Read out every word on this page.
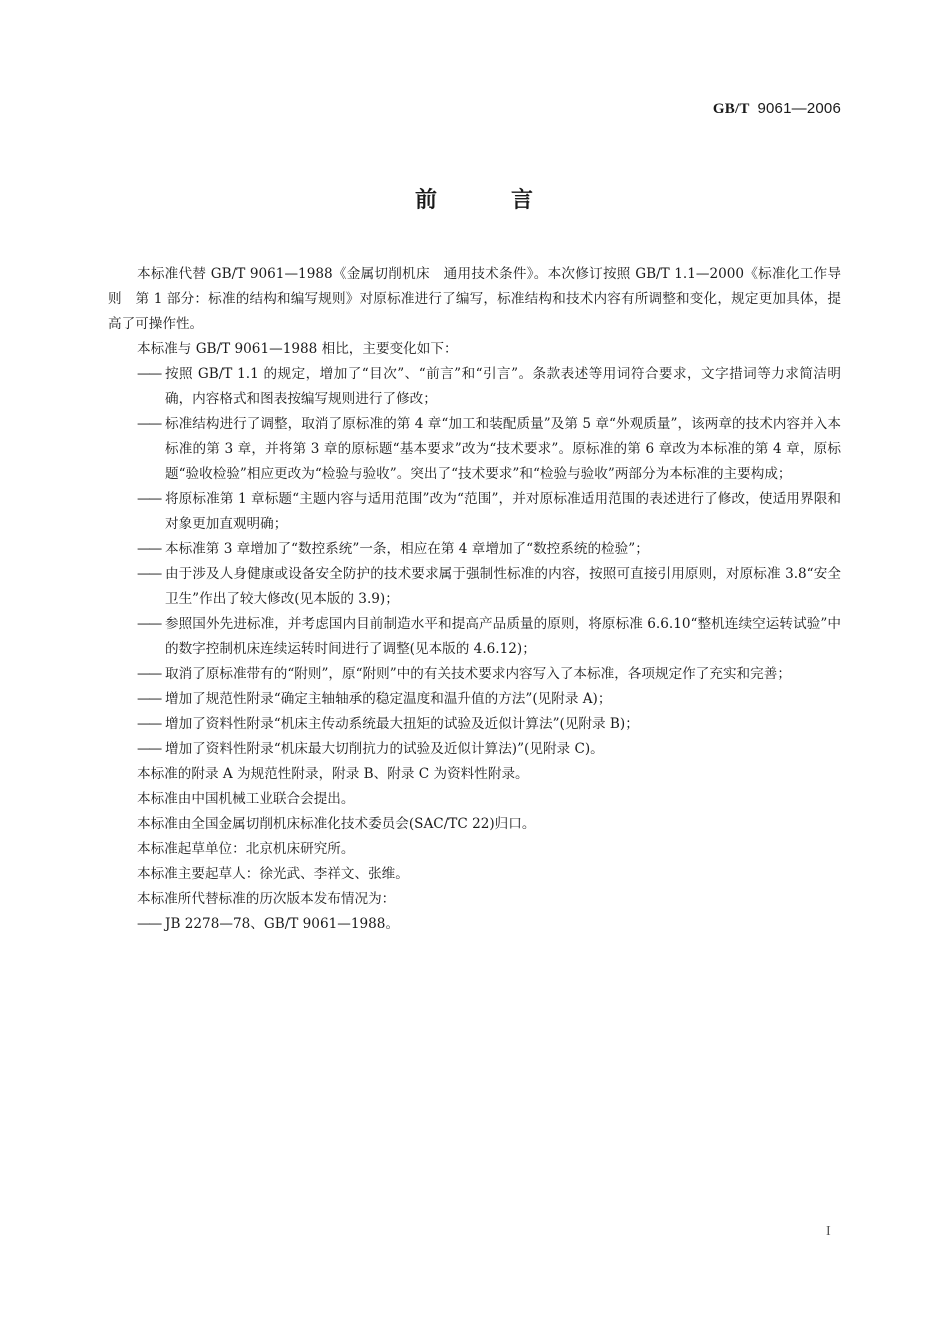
GB/T 9061—2006
前	言

本标准代替 GB/T 9061—1988《金属切削机床　通用技术条件》。本次修订按照 GB/T 1.1—2000《标准化工作导则　第 1 部分：标准的结构和编写规则》对原标准进行了编写，标准结构和技术内容有所调整和变化，规定更加具体，提高了可操作性。

本标准与 GB/T 9061—1988 相比，主要变化如下：

—— 按照 GB/T 1.1 的规定，增加了“目次”、“前言”和“引言”。条款表述等用词符合要求，文字措词等力求简洁明确，内容格式和图表按编写规则进行了修改；

—— 标准结构进行了调整，取消了原标准的第 4 章“加工和装配质量”及第 5 章“外观质量”，该两章的技术内容并入本标准的第 3 章，并将第 3 章的原标题“基本要求”改为“技术要求”。原标准的第 6 章改为本标准的第 4 章，原标题“验收检验”相应更改为“检验与验收”。突出了“技术要求”和“检验与验收”两部分为本标准的主要构成；

—— 将原标准第 1 章标题“主题内容与适用范围”改为“范围”，并对原标准适用范围的表述进行了修改，使适用界限和对象更加直观明确；

—— 本标准第 3 章增加了“数控系统”一条，相应在第 4 章增加了“数控系统的检验”；

—— 由于涉及人身健康或设备安全防护的技术要求属于强制性标准的内容，按照可直接引用原则，对原标准 3.8“安全卫生”作出了较大修改(见本版的 3.9)；

—— 参照国外先进标准，并考虑国内目前制造水平和提高产品质量的原则，将原标准 6.6.10“整机连续空运转试验”中的数字控制机床连续运转时间进行了调整(见本版的 4.6.12)；

—— 取消了原标准带有的“附则”，原“附则”中的有关技术要求内容写入了本标准，各项规定作了充实和完善；

—— 增加了规范性附录“确定主轴轴承的稳定温度和温升值的方法”(见附录 A)；

—— 增加了资料性附录“机床主传动系统最大扭矩的试验及近似计算法”(见附录 B)；

—— 增加了资料性附录“机床最大切削抗力的试验及近似计算法)”(见附录 C)。

本标准的附录 A 为规范性附录，附录 B、附录 C 为资料性附录。

本标准由中国机械工业联合会提出。

本标准由全国金属切削机床标准化技术委员会(SAC/TC 22)归口。

本标准起草单位：北京机床研究所。

本标准主要起草人：徐光武、李祥文、张维。

本标准所代替标准的历次版本发布情况为：

—— JB 2278—78、GB/T 9061—1988。

I
